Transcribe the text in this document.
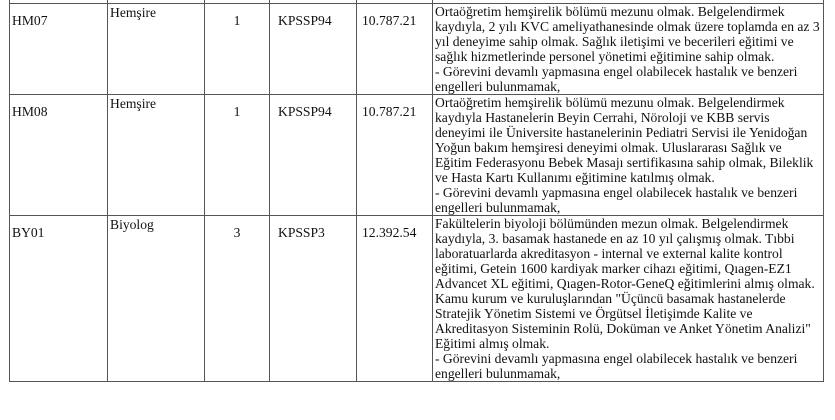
HM07	Hemşire	1	KPSSP94	10.787.21	Ortaöğretim hemşirelik bölümü mezunu olmak. Belgelendirmek kaydıyla, 2 yılı KVC ameliyathanesinde olmak üzere toplamda en az 3 yıl deneyime sahip olmak. Sağlık iletişimi ve becerileri eğitimi ve sağlık hizmetlerinde personel yönetimi eğitimine sahip olmak.
- Görevini devamlı yapmasına engel olabilecek hastalık ve benzeri engelleri bulunmamak,

HM08	Hemşire	1	KPSSP94	10.787.21	Ortaöğretim hemşirelik bölümü mezunu olmak. Belgelendirmek kaydıyla Hastanelerin Beyin Cerrahi, Nöroloji ve KBB servis deneyimi ile Üniversite hastanelerinin Pediatri Servisi ile Yenidoğan Yoğun bakım hemşiresi deneyimi olmak. Uluslararası Sağlık ve Eğitim Federasyonu Bebek Masajı sertifikasına sahip olmak, Bileklik ve Hasta Kartı Kullanımı eğitimine katılmış olmak.
- Görevini devamlı yapmasına engel olabilecek hastalık ve benzeri engelleri bulunmamak,

BY01	Biyolog	3	KPSSP3	12.392.54	Fakültelerin biyoloji bölümünden mezun olmak. Belgelendirmek kaydıyla, 3. basamak hastanede en az 10 yıl çalışmış olmak. Tıbbi laboratuarlarda akreditasyon - internal ve external kalite kontrol eğitimi, Getein 1600 kardiyak marker cihazı eğitimi, Qıagen-EZ1 Advancet XL eğitimi, Qıagen-Rotor-GeneQ eğitimlerini almış olmak. Kamu kurum ve kuruluşlarından "Üçüncü basamak hastanelerde Stratejik Yönetim Sistemi ve Örgütsel İletişimde Kalite ve Akreditasyon Sisteminin Rolü, Doküman ve Anket Yönetim Analizi" Eğitimi almış olmak.
- Görevini devamlı yapmasına engel olabilecek hastalık ve benzeri engelleri bulunmamak,
